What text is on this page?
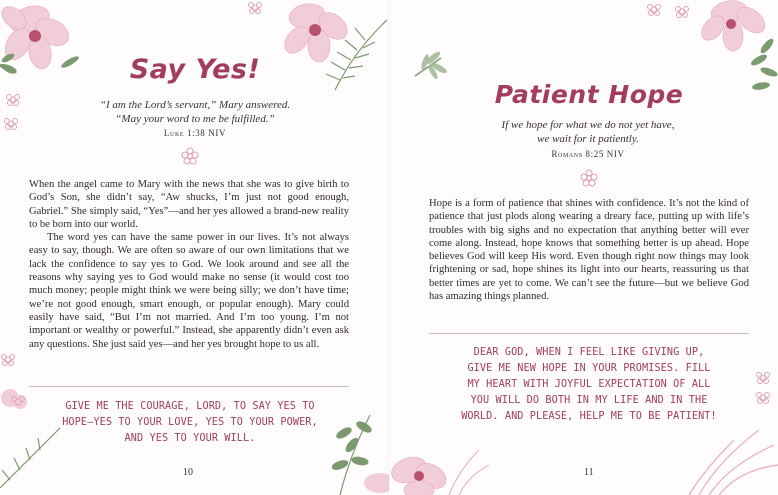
Say Yes!
“I am the Lord’s servant,” Mary answered.
“May your word to me be fulfilled.”
Luke 1:38 NIV

When the angel came to Mary with the news that she was to give birth to God’s Son, she didn’t say, “Aw shucks, I’m just not good enough, Gabriel.” She simply said, “Yes”—and her yes allowed a brand-new reality to be born into our world.

The word yes can have the same power in our lives. It’s not always easy to say, though. We are often so aware of our own limitations that we lack the confidence to say yes to God. We look around and see all the reasons why saying yes to God would make no sense (it would cost too much money; people might think we were being silly; we don’t have time; we’re not good enough, smart enough, or popular enough). Mary could easily have said, “But I’m not married. And I’m too young. I’m not important or wealthy or powerful.” Instead, she apparently didn’t even ask any questions. She just said yes—and her yes brought hope to us all.

GIVE ME THE COURAGE, LORD, TO SAY YES TO HOPE—YES TO YOUR LOVE, YES TO YOUR POWER, AND YES TO YOUR WILL.
10
Patient Hope
If we hope for what we do not yet have,
we wait for it patiently.
Romans 8:25 NIV

Hope is a form of patience that shines with confidence. It’s not the kind of patience that just plods along wearing a dreary face, putting up with life’s troubles with big sighs and no expectation that anything better will ever come along. Instead, hope knows that something better is up ahead. Hope believes God will keep His word. Even though right now things may look frightening or sad, hope shines its light into our hearts, reassuring us that better times are yet to come. We can’t see the future—but we believe God has amazing things planned.

DEAR GOD, WHEN I FEEL LIKE GIVING UP, GIVE ME NEW HOPE IN YOUR PROMISES. FILL MY HEART WITH JOYFUL EXPECTATION OF ALL YOU WILL DO BOTH IN MY LIFE AND IN THE WORLD. AND PLEASE, HELP ME TO BE PATIENT!
11
